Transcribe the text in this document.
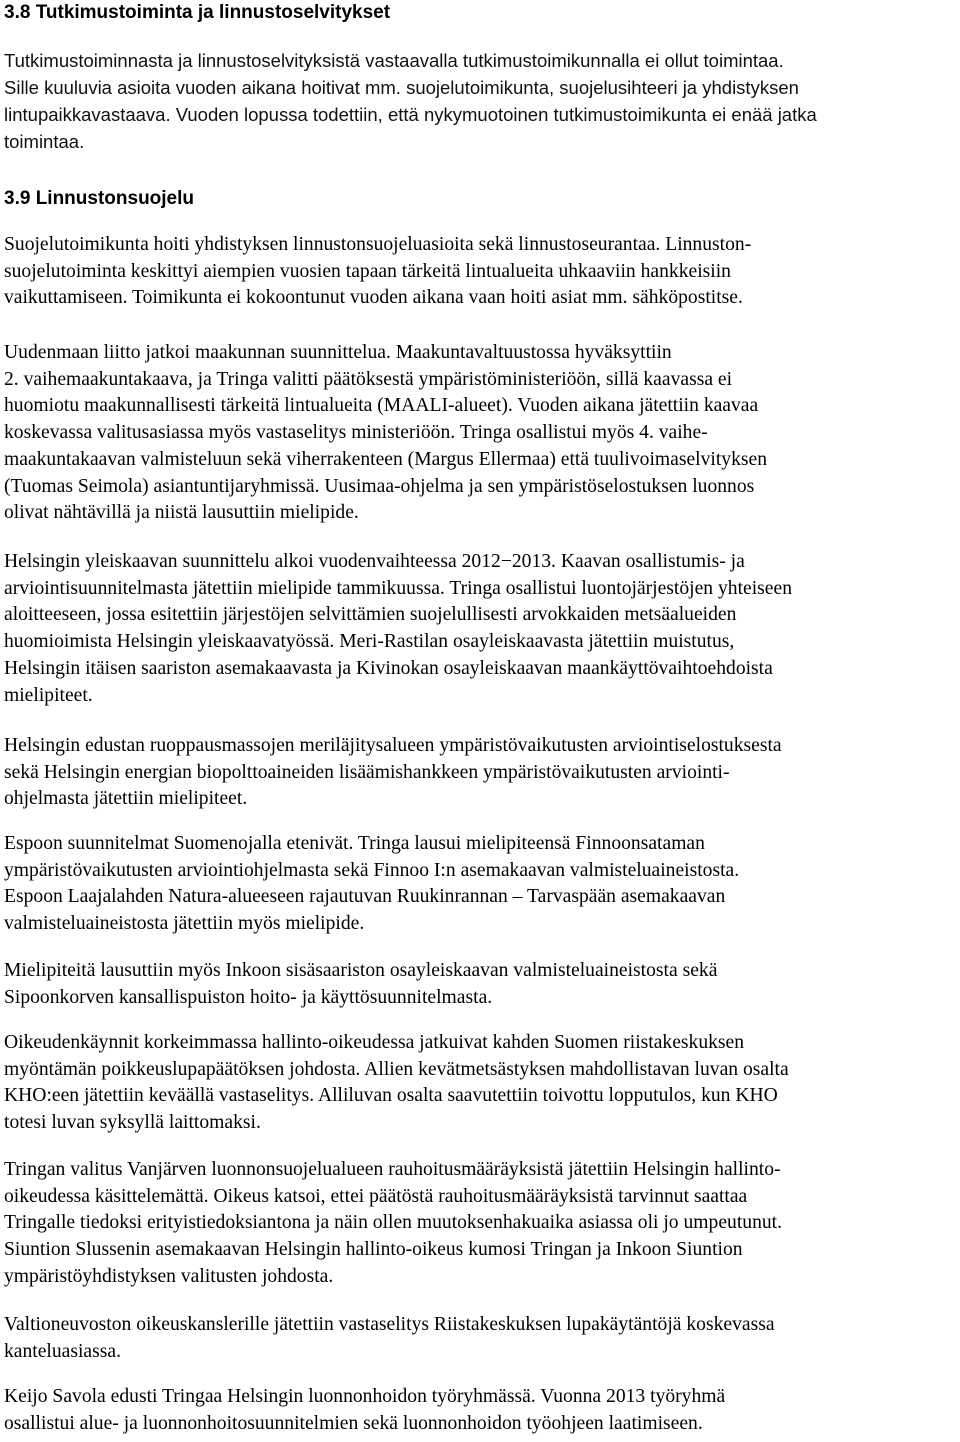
3.8 Tutkimustoiminta ja linnustoselvitykset
Tutkimustoiminnasta ja linnustoselvityksistä vastaavalla tutkimustoimikunnalla ei ollut toimintaa.
Sille kuuluvia asioita vuoden aikana hoitivat mm. suojelutoimikunta, suojelusihteeri ja yhdistyksen
lintupaikkavastaava. Vuoden lopussa todettiin, että nykymuotoinen tutkimustoimikunta ei enää jatka
toimintaa.
3.9 Linnustonsuojelu
Suojelutoimikunta hoiti yhdistyksen linnustonsuojeluasioita sekä linnustoseurantaa. Linnuston-
suojelutoiminta keskittyi aiempien vuosien tapaan tärkeitä lintualueita uhkaaviin hankkeisiin
vaikuttamiseen. Toimikunta ei kokoontunut vuoden aikana vaan hoiti asiat mm. sähköpostitse.
Uudenmaan liitto jatkoi maakunnan suunnittelua. Maakuntavaltuustossa hyväksyttiin
2. vaihemaakuntakaava, ja Tringa valitti päätöksestä ympäristöministeriöön, sillä kaavassa ei
huomiotu maakunnallisesti tärkeitä lintualueita (MAALI-alueet). Vuoden aikana jätettiin kaavaa
koskevassa valitusasiassa myös vastaselitys ministeriöön. Tringa osallistui myös 4. vaihe-
maakuntakaavan valmisteluun sekä viherrakenteen (Margus Ellermaa) että tuulivoimaselvityksen
(Tuomas Seimola) asiantuntijaryhmissä. Uusimaa-ohjelma ja sen ympäristöselostuksen luonnos
olivat nähtävillä ja niistä lausuttiin mielipide.
Helsingin yleiskaavan suunnittelu alkoi vuodenvaihteessa 2012−2013. Kaavan osallistumis- ja
arviointisuunnitelmasta jätettiin mielipide tammikuussa. Tringa osallistui luontojärjestöjen yhteiseen
aloitteeseen, jossa esitettiin järjestöjen selvittämien suojelullisesti arvokkaiden metsäalueiden
huomioimista Helsingin yleiskaavatyössä. Meri-Rastilan osayleiskaavasta jätettiin muistutus,
Helsingin itäisen saariston asemakaavasta ja Kivinokan osayleiskaavan maankäyttövaihtoehdoista
mielipiteet.
Helsingin edustan ruoppausmassojen meriläjitysalueen ympäristövaikutusten arviointiselostuksesta
sekä Helsingin energian biopolttoaineiden lisäämishankkeen ympäristövaikutusten arviointi-
ohjelmasta jätettiin mielipiteet.
Espoon suunnitelmat Suomenojalla etenivät. Tringa lausui mielipiteensä Finnoonsataman
ympäristövaikutusten arviointiohjelmasta sekä Finnoo I:n asemakaavan valmisteluaineistosta.
Espoon Laajalahden Natura-alueeseen rajautuvan Ruukinrannan – Tarvaspään asemakaavan
valmisteluaineistosta jätettiin myös mielipide.
Mielipiteitä lausuttiin myös Inkoon sisäsaariston osayleiskaavan valmisteluaineistosta sekä
Sipoonkorven kansallispuiston hoito- ja käyttösuunnitelmasta.
Oikeudenkäynnit korkeimmassa hallinto-oikeudessa jatkuivat kahden Suomen riistakeskuksen
myöntämän poikkeuslupapäätöksen johdosta. Allien kevätmetsästyksen mahdollistavan luvan osalta
KHO:een jätettiin keväällä vastaselitys. Alliluvan osalta saavutettiin toivottu lopputulos, kun KHO
totesi luvan syksyllä laittomaksi.
Tringan valitus Vanjärven luonnonsuojelualueen rauhoitusmääräyksistä jätettiin Helsingin hallinto-
oikeudessa käsittelemättä. Oikeus katsoi, ettei päätöstä rauhoitusmääräyksistä tarvinnut saattaa
Tringalle tiedoksi erityistiedoksiantona ja näin ollen muutoksenhakuaika asiassa oli jo umpeutunut.
Siuntion Slussenin asemakaavan Helsingin hallinto-oikeus kumosi Tringan ja Inkoon Siuntion
ympäristöyhdistyksen valitusten johdosta.
Valtioneuvoston oikeuskanslerille jätettiin vastaselitys Riistakeskuksen lupakäytäntöjä koskevassa
kanteluasiassa.
Keijo Savola edusti Tringaa Helsingin luonnonhoidon työryhmässä. Vuonna 2013 työryhmä
osallistui alue- ja luonnonhoitosuunnitelmien sekä luonnonhoidon työohjeen laatimiseen.
